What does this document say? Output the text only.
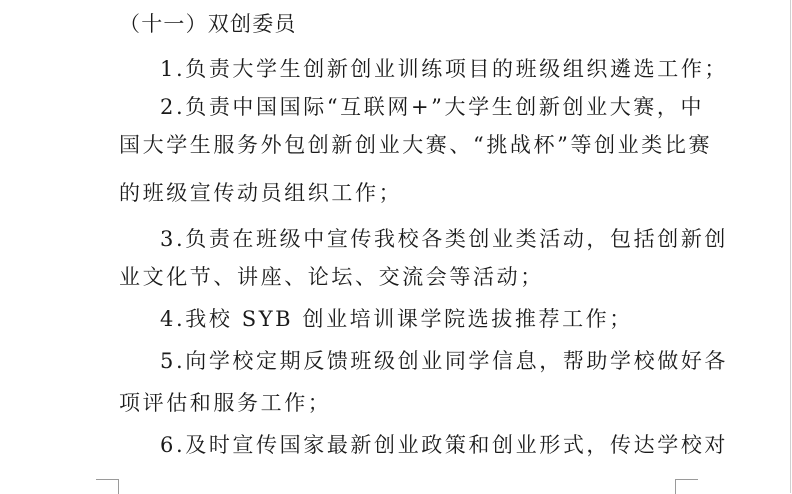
（十一）双创委员
1.负责大学生创新创业训练项目的班级组织遴选工作；
2.负责中国国际“互联网+”大学生创新创业大赛，中
国大学生服务外包创新创业大赛、“挑战杯”等创业类比赛
的班级宣传动员组织工作；
3.负责在班级中宣传我校各类创业类活动，包括创新创
业文化节、讲座、论坛、交流会等活动；
4.我校 SYB 创业培训课学院选拔推荐工作；
5.向学校定期反馈班级创业同学信息，帮助学校做好各
项评估和服务工作；
6.及时宣传国家最新创业政策和创业形式，传达学校对
